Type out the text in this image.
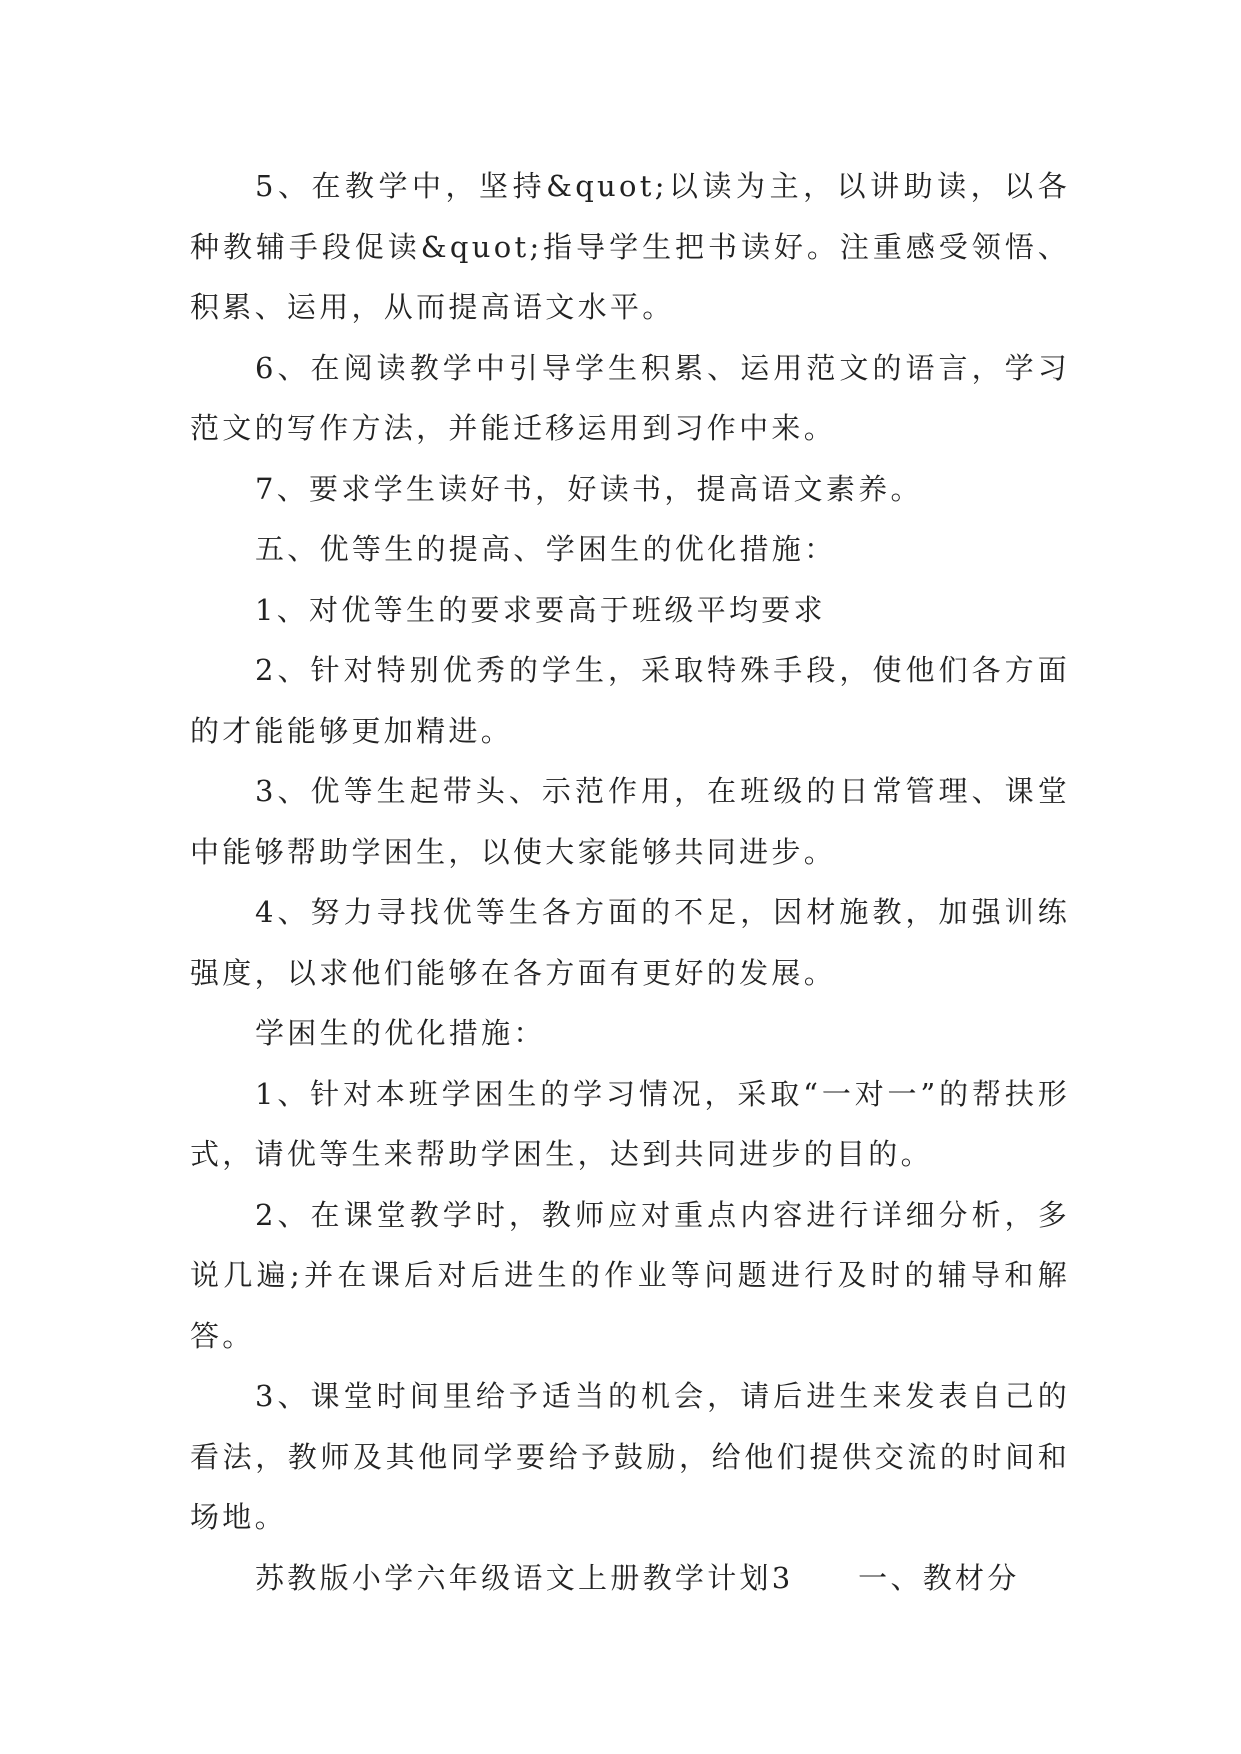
5、在教学中，坚持&quot;以读为主，以讲助读，以各种教辅手段促读&quot;指导学生把书读好。注重感受领悟、积累、运用，从而提高语文水平。

6、在阅读教学中引导学生积累、运用范文的语言，学习范文的写作方法，并能迁移运用到习作中来。

7、要求学生读好书，好读书，提高语文素养。

五、优等生的提高、学困生的优化措施：

1、对优等生的要求要高于班级平均要求

2、针对特别优秀的学生，采取特殊手段，使他们各方面的才能能够更加精进。

3、优等生起带头、示范作用，在班级的日常管理、课堂中能够帮助学困生，以使大家能够共同进步。

4、努力寻找优等生各方面的不足，因材施教，加强训练强度，以求他们能够在各方面有更好的发展。

学困生的优化措施：

1、针对本班学困生的学习情况，采取“一对一”的帮扶形式，请优等生来帮助学困生，达到共同进步的目的。

2、在课堂教学时，教师应对重点内容进行详细分析，多说几遍;并在课后对后进生的作业等问题进行及时的辅导和解答。

3、课堂时间里给予适当的机会，请后进生来发表自己的看法，教师及其他同学要给予鼓励，给他们提供交流的时间和场地。

苏教版小学六年级语文上册教学计划3　　一、教材分
